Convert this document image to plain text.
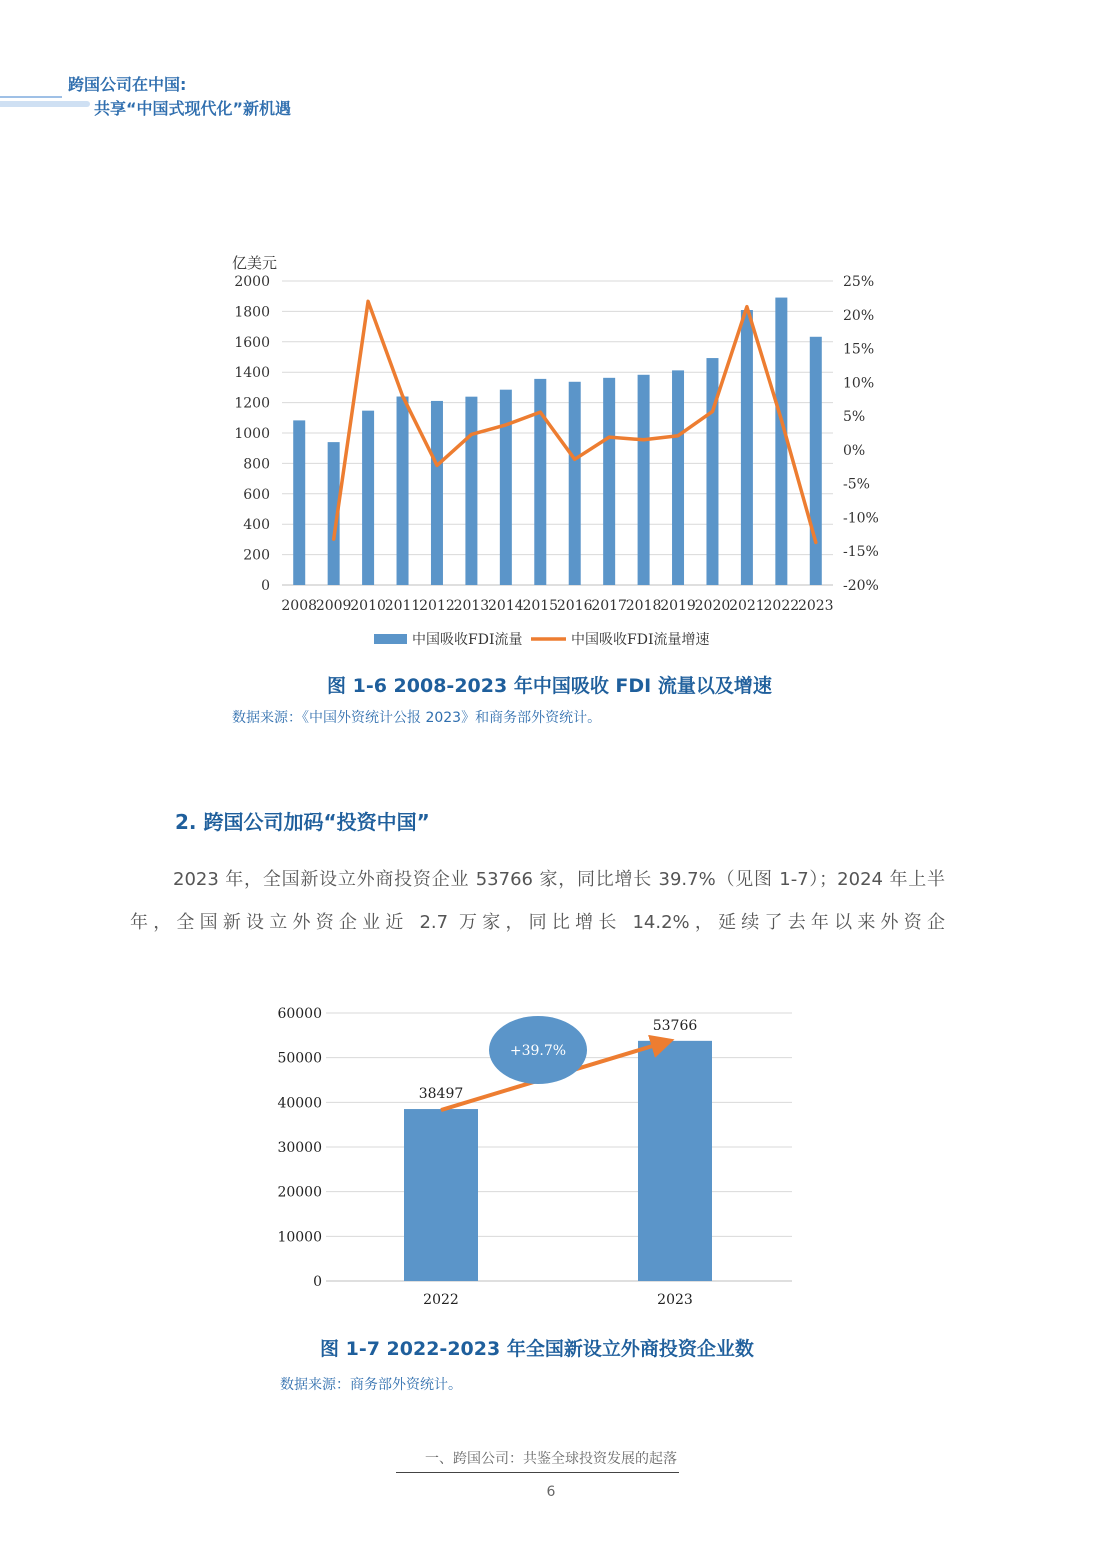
跨国公司在中国:
共享“中国式现代化”新机遇
0
200
400
600
800
1000
1200
1400
1600
1800
2000
-20%
-15%
-10%
-5%
0%
5%
10%
15%
20%
25%
亿美元
2008
2009
2010
2011
2012
2013
2014
2015
2016
2017
2018
2019
2020
2021
2022
2023
中国吸收FDI流量	中国吸收FDI流量增速
图 1-6 2008-2023 年中国吸收 FDI 流量以及增速
数据来源：《中国外资统计公报 2023》和商务部外资统计。
2. 跨国公司加码“投资中国”

2023 年，全国新设立外商投资企业 53766 家，同比增长 39.7%（见图 1-7）；2024 年上半年，全国新设立外资企业近 2.7 万家，同比增长 14.2%，延续了去年以来外资企

0
10000
20000
30000
40000
50000
60000
38497
2022
53766
2023
+39.7%
图 1-7 2022-2023 年全国新设立外商投资企业数
数据来源：商务部外资统计。
一、跨国公司：共鉴全球投资发展的起落
6
